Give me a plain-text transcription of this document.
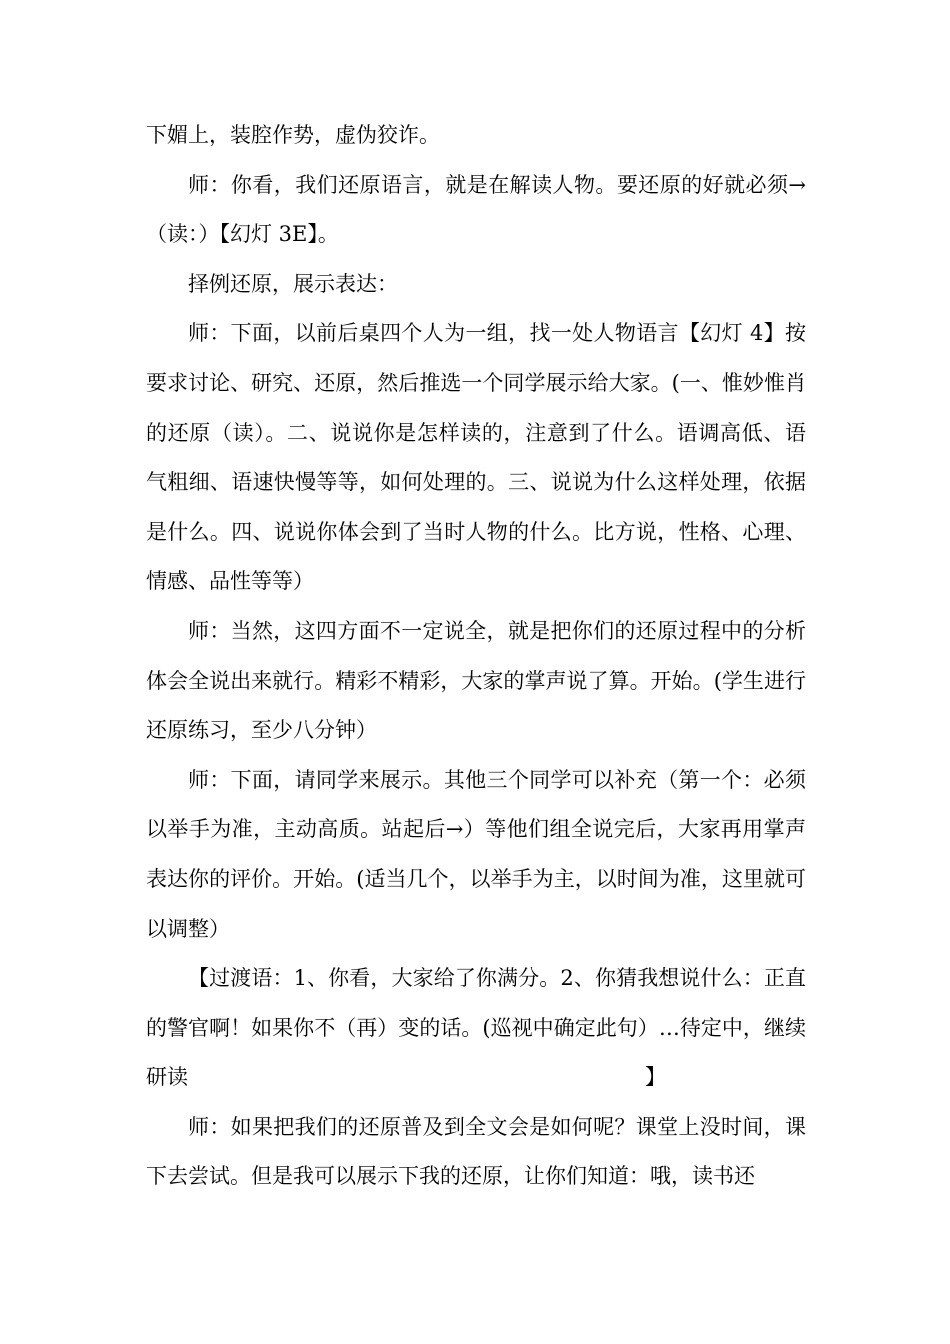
下媚上，装腔作势，虚伪狡诈。

师：你看，我们还原语言，就是在解读人物。要还原的好就必须→（读：）【幻灯 3E】。

择例还原，展示表达：

师：下面，以前后桌四个人为一组，找一处人物语言【幻灯 4】按要求讨论、研究、还原，然后推选一个同学展示给大家。(一、惟妙惟肖的还原（读）。二、说说你是怎样读的，注意到了什么。语调高低、语气粗细、语速快慢等等，如何处理的。三、说说为什么这样处理，依据是什么。四、说说你体会到了当时人物的什么。比方说，性格、心理、情感、品性等等）

师：当然，这四方面不一定说全，就是把你们的还原过程中的分析体会全说出来就行。精彩不精彩，大家的掌声说了算。开始。(学生进行还原练习，至少八分钟）

师：下面，请同学来展示。其他三个同学可以补充（第一个：必须以举手为准，主动高质。站起后→）等他们组全说完后，大家再用掌声表达你的评价。开始。(适当几个，以举手为主，以时间为准，这里就可以调整）

【过渡语：1、你看，大家给了你满分。2、你猜我想说什么：正直的警官啊！如果你不（再）变的话。(巡视中确定此句）…待定中，继续研读	】

师：如果把我们的还原普及到全文会是如何呢？课堂上没时间，课下去尝试。但是我可以展示下我的还原，让你们知道：哦，读书还
